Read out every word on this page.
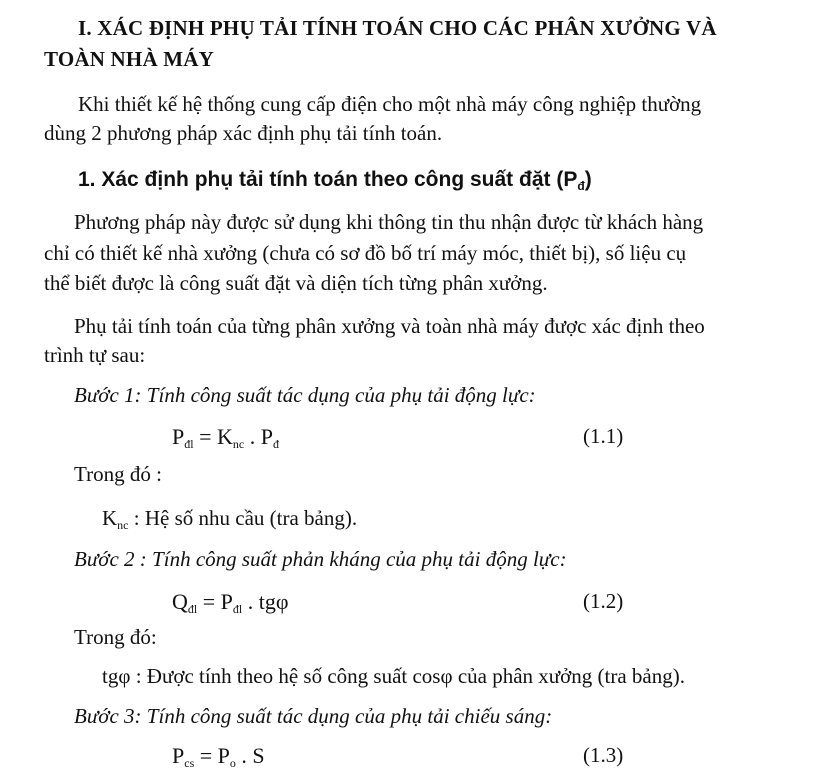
I. XÁC ĐỊNH PHỤ TẢI TÍNH TOÁN CHO CÁC PHÂN XƯỞNG VÀ
TOÀN NHÀ MÁY
Khi thiết kế hệ thống cung cấp điện cho một nhà máy công nghiệp thường
dùng 2 phương pháp xác định phụ tải tính toán.
1. Xác định phụ tải tính toán theo công suất đặt $(P_đ)$
Phương pháp này được sử dụng khi thông tin thu nhận được từ khách hàng
chỉ có thiết kế nhà xưởng (chưa có sơ đồ bố trí máy móc, thiết bị), số liệu cụ
thể biết được là công suất đặt và diện tích từng phân xưởng.
Phụ tải tính toán của từng phân xưởng và toàn nhà máy được xác định theo
trình tự sau:
Bước 1: Tính công suất tác dụng của phụ tải động lực:
$P_{đl} = K_{nc}$ . $P_đ$	(1.1)
Trong đó :
$K_{nc}$ : Hệ số nhu cầu (tra bảng).
Bước 2 : Tính công suất phản kháng của phụ tải động lực:
$Q_{đl} = P_{đl}$ . tgφ	(1.2)
Trong đó:
tgφ : Được tính theo hệ số công suất cosφ của phân xưởng (tra bảng).
Bước 3: Tính công suất tác dụng của phụ tải chiếu sáng:
$P_{cs} = P_o$ . S	(1.3)
